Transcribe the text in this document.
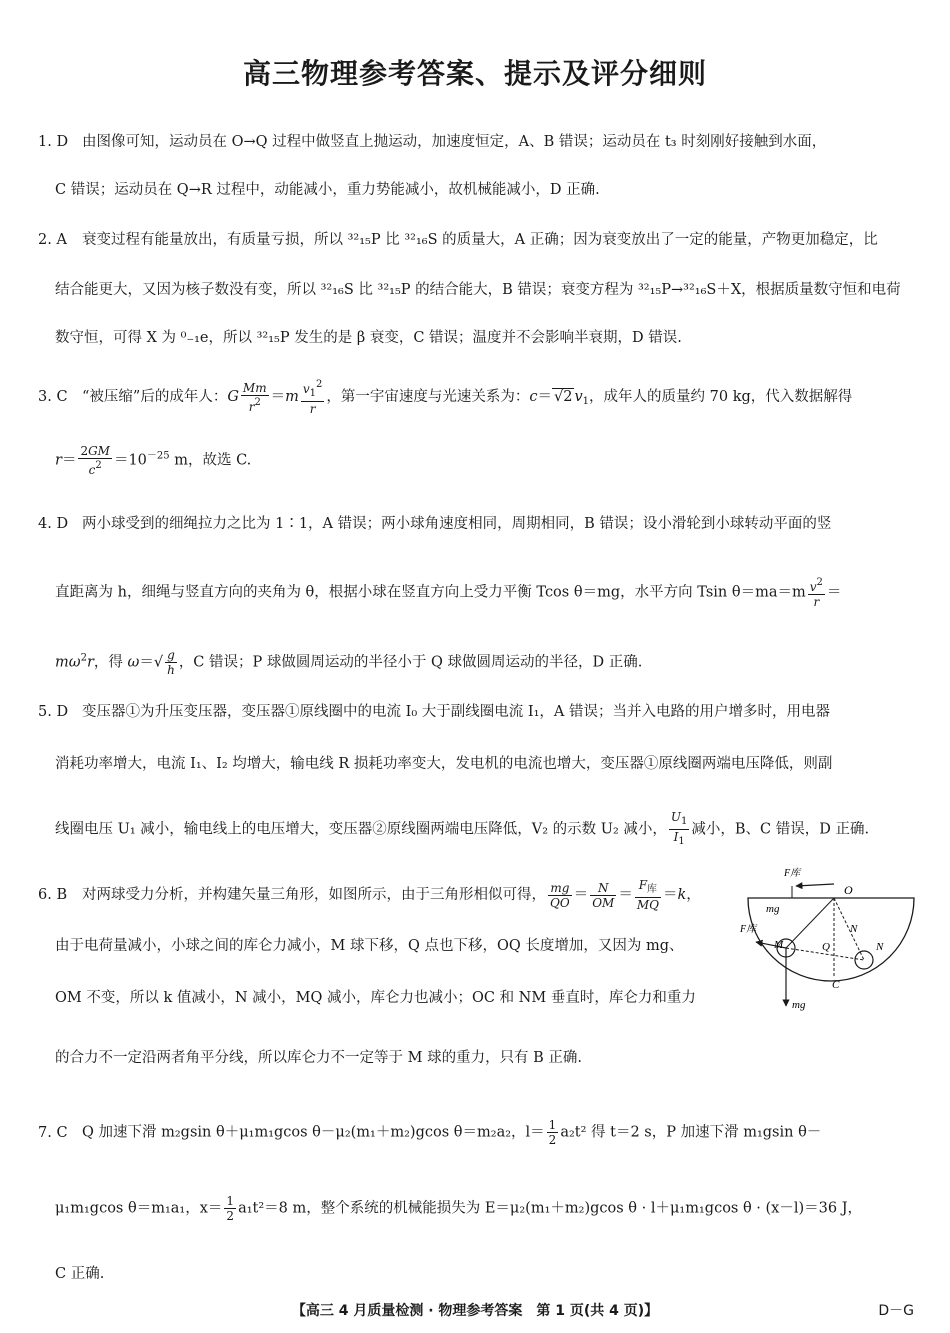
高三物理参考答案、提示及评分细则
1. D 由图像可知，运动员在 O→Q 过程中做竖直上抛运动，加速度恒定，A、B 错误；运动员在 t₃ 时刻刚好接触到水面，
C 错误；运动员在 Q→R 过程中，动能减小，重力势能减小，故机械能减小，D 正确.
2. A 衰变过程有能量放出，有质量亏损，所以 ³²₁₅P 比 ³²₁₆S 的质量大，A 正确；因为衰变放出了一定的能量，产物更加稳定，比
结合能更大，又因为核子数没有变，所以 ³²₁₆S 比 ³²₁₅P 的结合能大，B 错误；衰变方程为 ³²₁₅P→³²₁₆S＋X，根据质量数守恒和电荷
数守恒，可得 X 为 ⁰₋₁e，所以 ³²₁₅P 发生的是 β 衰变，C 错误；温度并不会影响半衰期，D 错误.
3. C “被压缩”后的成年人：G $\frac{Mm}{r^2} =m \frac{v_1^2}{r}$ ，第一宇宙速度与光速关系为：c＝ √2 $v_1$，成年人的质量约 70 kg，代入数据解得
$r= \frac{2GM}{c^2} =10^{-25}$ m，故选 C.
4. D 两小球受到的细绳拉力之比为 1∶1，A 错误；两小球角速度相同，周期相同，B 错误；设小滑轮到小球转动平面的竖
直距离为 h，细绳与竖直方向的夹角为 θ，根据小球在竖直方向上受力平衡 Tcos θ＝mg，水平方向 Tsin $\theta=ma=m \frac{v^2}{r}$ ＝
$m\omega^2r$，得 $\omega=√ \frac{g}{h}$ ，C 错误；P 球做圆周运动的半径小于 Q 球做圆周运动的半径，D 正确.
5. D 变压器①为升压变压器，变压器①原线圈中的电流 I₀ 大于副线圈电流 I₁，A 错误；当并入电路的用户增多时，用电器
消耗功率增大，电流 I₁、I₂ 均增大，输电线 R 损耗功率变大，发电机的电流也增大，变压器①原线圈两端电压降低，则副
线圈电压 U₁ 减小，输电线上的电压增大，变压器②原线圈两端电压降低，V₂ 的示数 U₂ 减小， $\frac{U_1}{I_1}$ 减小，B、C 错误，D 正确.
6. B 对两球受力分析，并构建矢量三角形，如图所示，由于三角形相似可得， $\frac{mg}{QO} = \frac{N}{OM} = \frac{F_库}{MQ} =k$，
由于电荷量减小，小球之间的库仑力减小，M 球下移，Q 点也下移，OQ 长度增加，又因为 mg、
OM 不变，所以 k 值减小，N 减小，MQ 减小，库仑力也减小；OC 和 NM 垂直时，库仑力和重力
的合力不一定沿两者角平分线，所以库仑力不一定等于 M 球的重力，只有 B 正确.
F库
O
mg
F库
M
N
Q	N
C
mg
7. C Q 加速下滑 m₂gsin θ＋μ₁m₁gcos θ－μ₂(m₁＋m₂)gcos θ＝m₂a₂，$l= \frac{1}{2} a_2t^2$ 得 t＝2 s，P 加速下滑 m₁gsin θ－
μ₁m₁gcos θ＝m₁a₁，$x= \frac{1}{2} a_1t^2=8$ m，整个系统的机械能损失为 E＝μ₂(m₁＋m₂)gcos θ · l＋μ₁m₁gcos θ · (x－l)＝36 J，
C 正确.
【高三 4 月质量检测 · 物理参考答案　第 1 页(共 4 页)】	D－G
